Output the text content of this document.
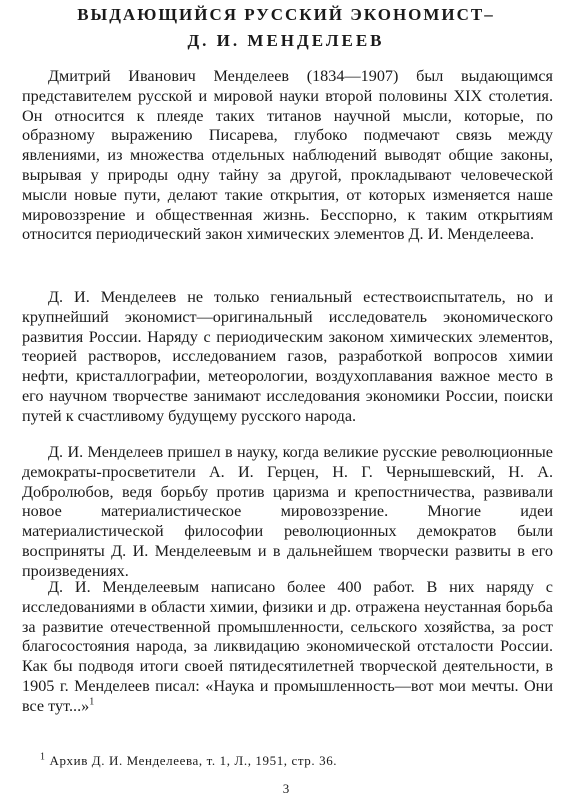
ВЫДАЮЩИЙСЯ РУССКИЙ ЭКОНОМИСТ–
Д. И. МЕНДЕЛЕЕВ

Дмитрий Иванович Менделеев (1834—1907) был выдающимся представителем русской и мировой науки второй половины XIX столетия. Он относится к плеяде таких титанов научной мысли, которые, по образному выражению Писарева, глубоко подмечают связь между явлениями, из множества отдельных наблюдений выводят общие законы, вырывая у природы одну тайну за другой, прокладывают человеческой мысли новые пути, делают такие открытия, от которых изменяется наше мировоззрение и общественная жизнь. Бесспорно, к таким открытиям относится периодический закон химических элементов Д. И. Менделеева.

Д. И. Менделеев не только гениальный естествоиспытатель, но и крупнейший экономист—оригинальный исследователь экономического развития России. Наряду с периодическим законом химических элементов, теорией растворов, исследованием газов, разработкой вопросов химии нефти, кристаллографии, метеорологии, воздухоплавания важное место в его научном творчестве занимают исследования экономики России, поиски путей к счастливому будущему русского народа.

Д. И. Менделеев пришел в науку, когда великие русские революционные демократы-просветители А. И. Герцен, Н. Г. Чернышевский, Н. А. Добролюбов, ведя борьбу против царизма и крепостничества, развивали новое материалистическое мировоззрение. Многие идеи материалистической философии революционных демократов были восприняты Д. И. Менделеевым и в дальнейшем творчески развиты в его произведениях.

Д. И. Менделеевым написано более 400 работ. В них наряду с исследованиями в области химии, физики и др. отражена неустанная борьба за развитие отечественной промышленности, сельского хозяйства, за рост благосостояния народа, за ликвидацию экономической отсталости России. Как бы подводя итоги своей пятидесятилетней творческой деятельности, в 1905 г. Менделеев писал: «Наука и промышленность—вот мои мечты. Они все тут...»$^1$

$^1$ Архив Д. И. Менделеева, т. 1, Л., 1951, стр. 36.

3
